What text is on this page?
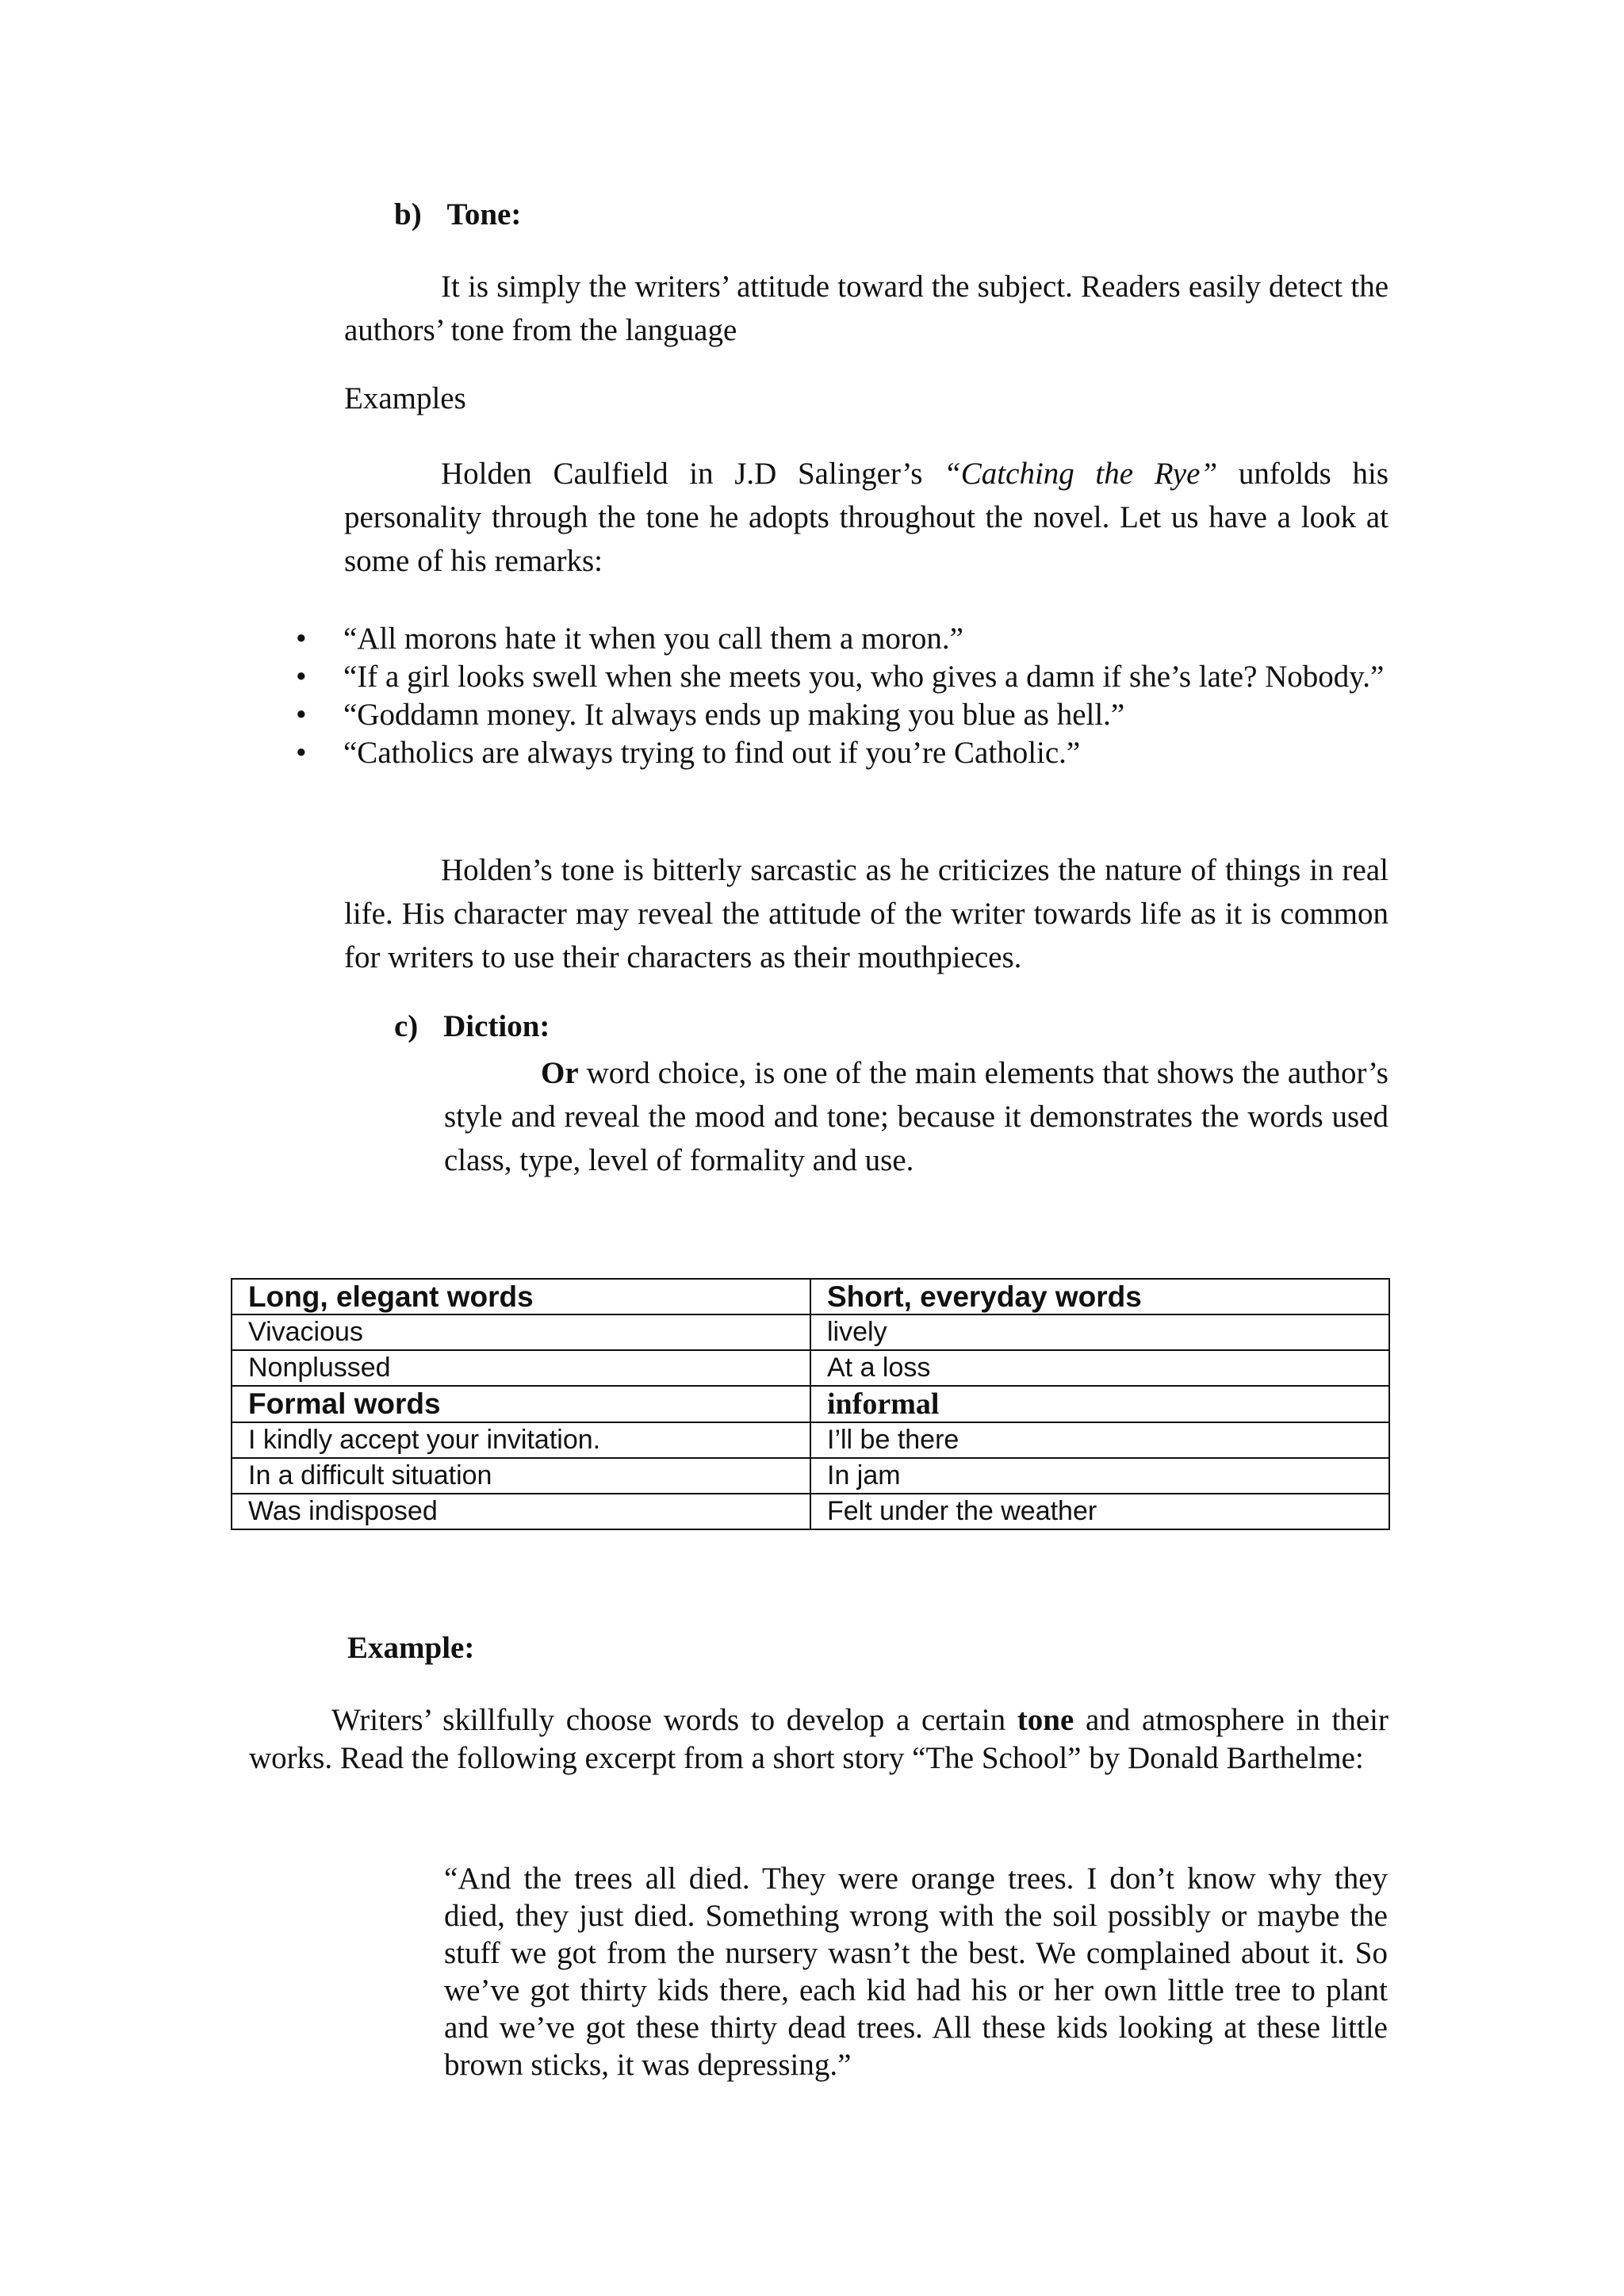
b) Tone:
It is simply the writers’ attitude toward the subject. Readers easily detect the authors’ tone from the language
Examples
Holden Caulfield in J.D Salinger’s “Catching the Rye” unfolds his personality through the tone he adopts throughout the novel. Let us have a look at some of his remarks:
•	“All morons hate it when you call them a moron.”
•	“If a girl looks swell when she meets you, who gives a damn if she’s late? Nobody.”
•	“Goddamn money. It always ends up making you blue as hell.”
•	“Catholics are always trying to find out if you’re Catholic.”
Holden’s tone is bitterly sarcastic as he criticizes the nature of things in real life. His character may reveal the attitude of the writer towards life as it is common for writers to use their characters as their mouthpieces.
c) Diction:
Or word choice, is one of the main elements that shows the author’s style and reveal the mood and tone; because it demonstrates the words used class, type, level of formality and use.
Long, elegant words	Short, everyday words
Vivacious	lively
Nonplussed	At a loss
Formal words	informal
I kindly accept your invitation.	I’ll be there
In a difficult situation	In jam
Was indisposed	Felt under the weather
Example:
Writers’ skillfully choose words to develop a certain tone and atmosphere in their works. Read the following excerpt from a short story “The School” by Donald Barthelme:
“And the trees all died. They were orange trees. I don’t know why they died, they just died. Something wrong with the soil possibly or maybe the stuff we got from the nursery wasn’t the best. We complained about it. So we’ve got thirty kids there, each kid had his or her own little tree to plant and we’ve got these thirty dead trees. All these kids looking at these little brown sticks, it was depressing.”
